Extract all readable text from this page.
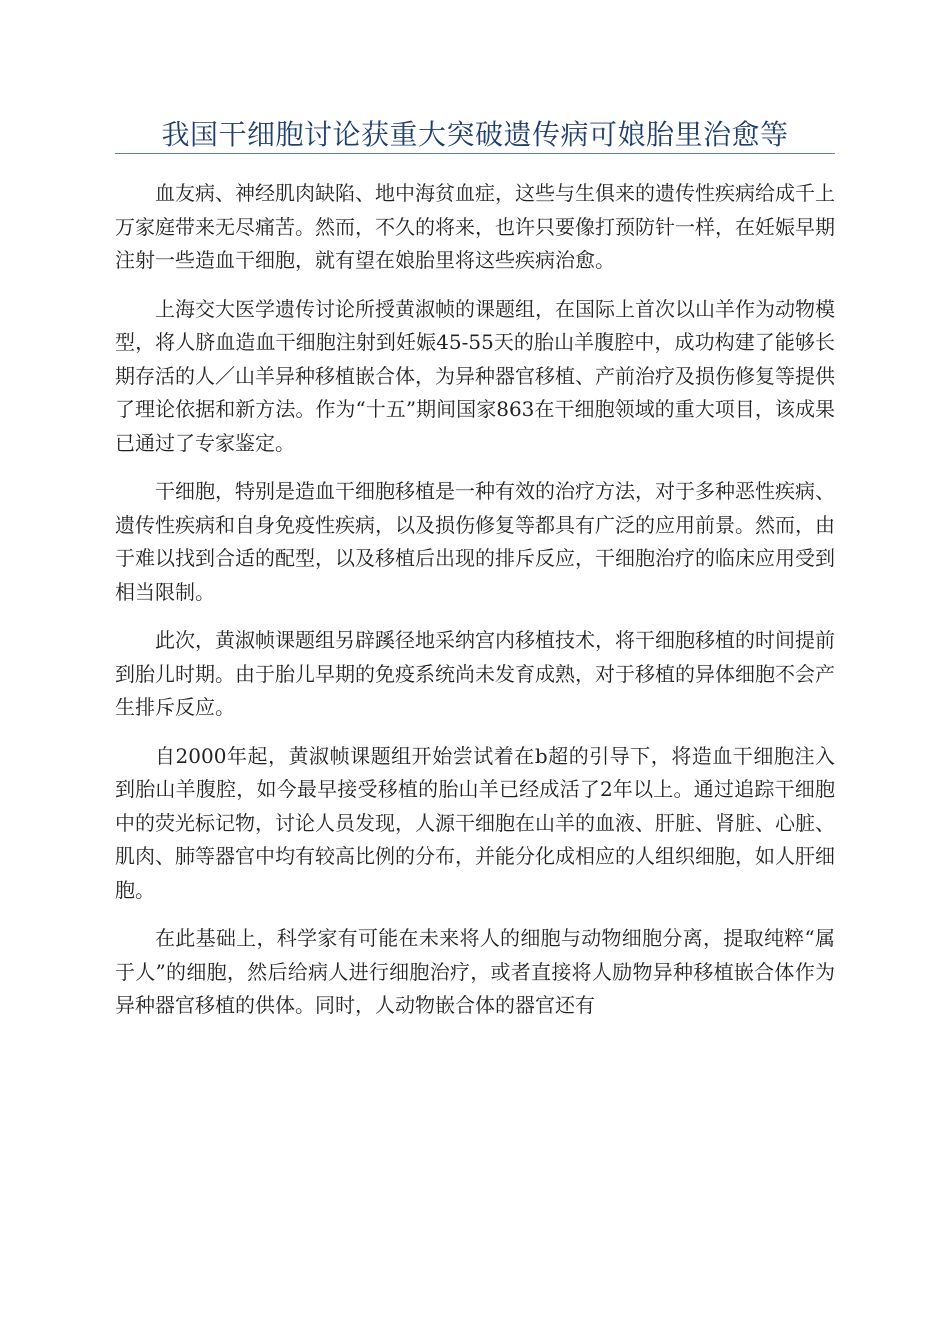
我国干细胞讨论获重大突破遗传病可娘胎里治愈等

血友病、神经肌肉缺陷、地中海贫血症，这些与生俱来的遗传性疾病给成千上万家庭带来无尽痛苦。然而，不久的将来，也许只要像打预防针一样，在妊娠早期注射一些造血干细胞，就有望在娘胎里将这些疾病治愈。

上海交大医学遗传讨论所授黄淑帧的课题组，在国际上首次以山羊作为动物模型，将人脐血造血干细胞注射到妊娠45-55天的胎山羊腹腔中，成功构建了能够长期存活的人／山羊异种移植嵌合体，为异种器官移植、产前治疗及损伤修复等提供了理论依据和新方法。作为“十五”期间国家863在干细胞领域的重大项目，该成果已通过了专家鉴定。

干细胞，特别是造血干细胞移植是一种有效的治疗方法，对于多种恶性疾病、遗传性疾病和自身免疫性疾病，以及损伤修复等都具有广泛的应用前景。然而，由于难以找到合适的配型，以及移植后出现的排斥反应，干细胞治疗的临床应用受到相当限制。

此次，黄淑帧课题组另辟蹊径地采纳宫内移植技术，将干细胞移植的时间提前到胎儿时期。由于胎儿早期的免疫系统尚未发育成熟，对于移植的异体细胞不会产生排斥反应。

自2000年起，黄淑帧课题组开始尝试着在b超的引导下，将造血干细胞注入到胎山羊腹腔，如今最早接受移植的胎山羊已经成活了2年以上。通过追踪干细胞中的荧光标记物，讨论人员发现，人源干细胞在山羊的血液、肝脏、肾脏、心脏、肌肉、肺等器官中均有较高比例的分布，并能分化成相应的人组织细胞，如人肝细胞。

在此基础上，科学家有可能在未来将人的细胞与动物细胞分离，提取纯粹“属于人”的细胞，然后给病人进行细胞治疗，或者直接将人励物异种移植嵌合体作为异种器官移植的供体。同时，人动物嵌合体的器官还有
